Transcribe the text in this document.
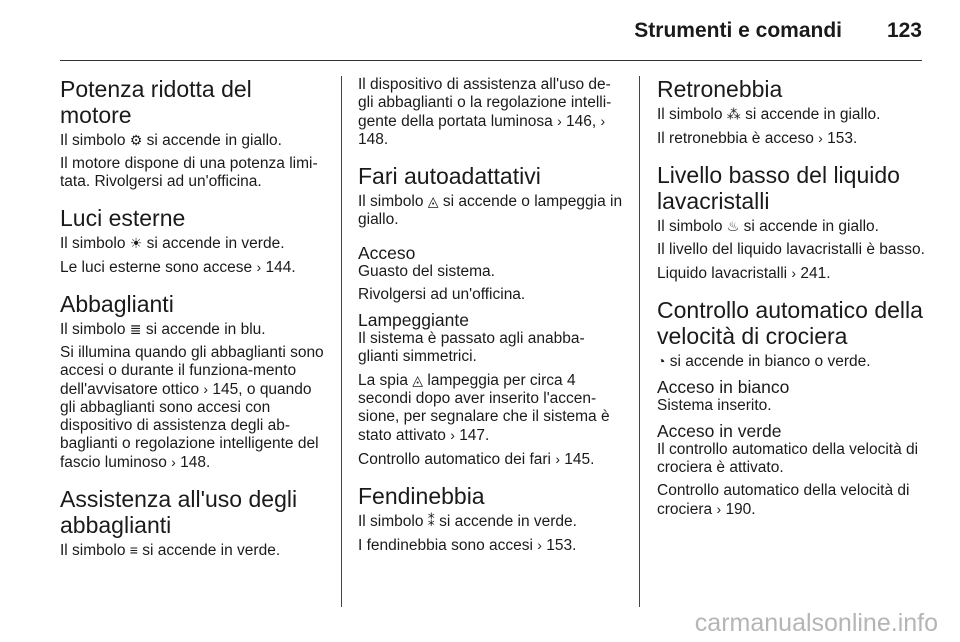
Strumenti e comandi 123
Potenza ridotta del motore

Il simbolo ⚙ si accende in giallo.

Il motore dispone di una potenza limi-tata. Rivolgersi ad un'officina.

Luci esterne

Il simbolo ☀ si accende in verde.

Le luci esterne sono accese › 144.

Abbaglianti

Il simbolo ≣ si accende in blu.

Si illumina quando gli abbaglianti sono accesi o durante il funziona-mento dell'avvisatore ottico › 145, o quando gli abbaglianti sono accesi con dispositivo di assistenza degli ab-baglianti o regolazione intelligente del fascio luminoso › 148.

Assistenza all'uso degli abbaglianti

Il simbolo ≡ si accende in verde.

Il dispositivo di assistenza all'uso de-gli abbaglianti o la regolazione intelli-gente della portata luminosa › 146, › 148.

Fari autoadattativi

Il simbolo ◬ si accende o lampeggia in giallo.

Acceso

Guasto del sistema.

Rivolgersi ad un'officina.

Lampeggiante

Il sistema è passato agli anabba-glianti simmetrici.

La spia ◬ lampeggia per circa 4 secondi dopo aver inserito l'accen-sione, per segnalare che il sistema è stato attivato › 147.

Controllo automatico dei fari › 145.

Fendinebbia

Il simbolo ⁑ si accende in verde.

I fendinebbia sono accesi › 153.

Retronebbia

Il simbolo ⁂ si accende in giallo.

Il retronebbia è acceso › 153.

Livello basso del liquido lavacristalli

Il simbolo ♨ si accende in giallo.

Il livello del liquido lavacristalli è basso.

Liquido lavacristalli › 241.

Controllo automatico della velocità di crociera

◔ si accende in bianco o verde.

Acceso in bianco

Sistema inserito.

Acceso in verde

Il controllo automatico della velocità di crociera è attivato.

Controllo automatico della velocità di crociera › 190.

carmanualsonline.info
